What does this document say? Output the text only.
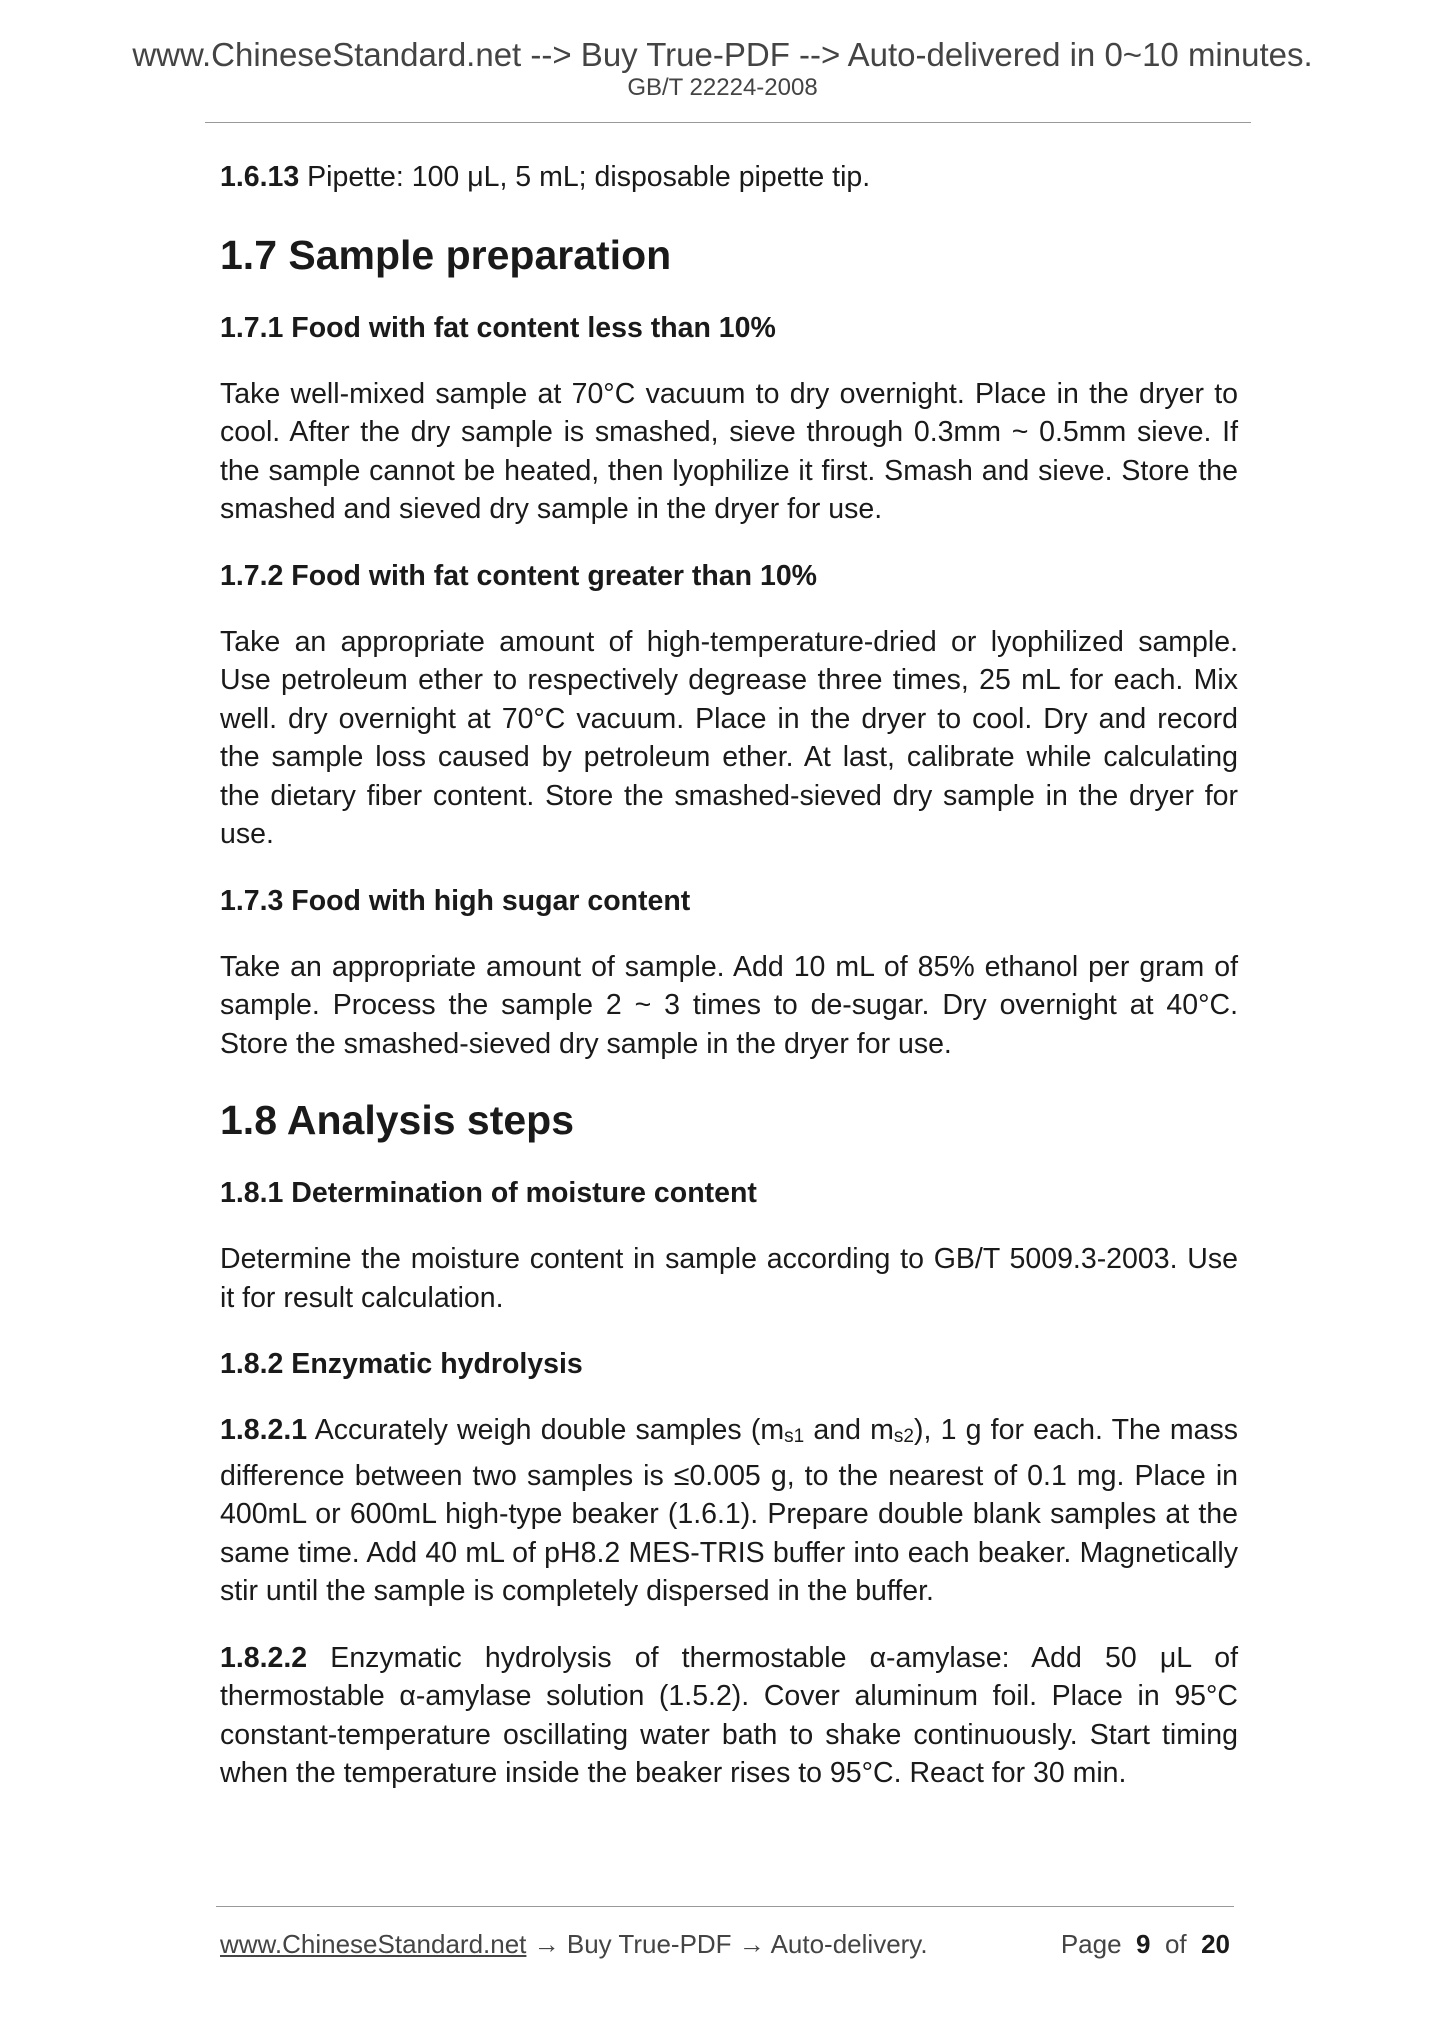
www.ChineseStandard.net --> Buy True-PDF --> Auto-delivered in 0~10 minutes.
GB/T 22224-2008

1.6.13 Pipette: 100 μL, 5 mL; disposable pipette tip.

1.7 Sample preparation
1.7.1 Food with fat content less than 10%

Take well-mixed sample at 70°C vacuum to dry overnight. Place in the dryer to cool. After the dry sample is smashed, sieve through 0.3mm ~ 0.5mm sieve. If the sample cannot be heated, then lyophilize it first. Smash and sieve. Store the smashed and sieved dry sample in the dryer for use.

1.7.2 Food with fat content greater than 10%

Take an appropriate amount of high-temperature-dried or lyophilized sample. Use petroleum ether to respectively degrease three times, 25 mL for each. Mix well. dry overnight at 70°C vacuum. Place in the dryer to cool. Dry and record the sample loss caused by petroleum ether. At last, calibrate while calculating the dietary fiber content. Store the smashed-sieved dry sample in the dryer for use.

1.7.3 Food with high sugar content

Take an appropriate amount of sample. Add 10 mL of 85% ethanol per gram of sample. Process the sample 2 ~ 3 times to de-sugar. Dry overnight at 40°C. Store the smashed-sieved dry sample in the dryer for use.

1.8 Analysis steps
1.8.1 Determination of moisture content

Determine the moisture content in sample according to GB/T 5009.3-2003. Use it for result calculation.

1.8.2 Enzymatic hydrolysis

1.8.2.1 Accurately weigh double samples ($m_{s1}$ and $m_{s2}$), 1 g for each. The mass difference between two samples is ≤0.005 g, to the nearest of 0.1 mg. Place in 400mL or 600mL high-type beaker (1.6.1). Prepare double blank samples at the same time. Add 40 mL of pH8.2 MES-TRIS buffer into each beaker. Magnetically stir until the sample is completely dispersed in the buffer.

1.8.2.2 Enzymatic hydrolysis of thermostable α-amylase: Add 50 μL of thermostable α-amylase solution (1.5.2). Cover aluminum foil. Place in 95°C constant-temperature oscillating water bath to shake continuously. Start timing when the temperature inside the beaker rises to 95°C. React for 30 min.

www.ChineseStandard.net → Buy True-PDF → Auto-delivery.	Page 9 of 20
